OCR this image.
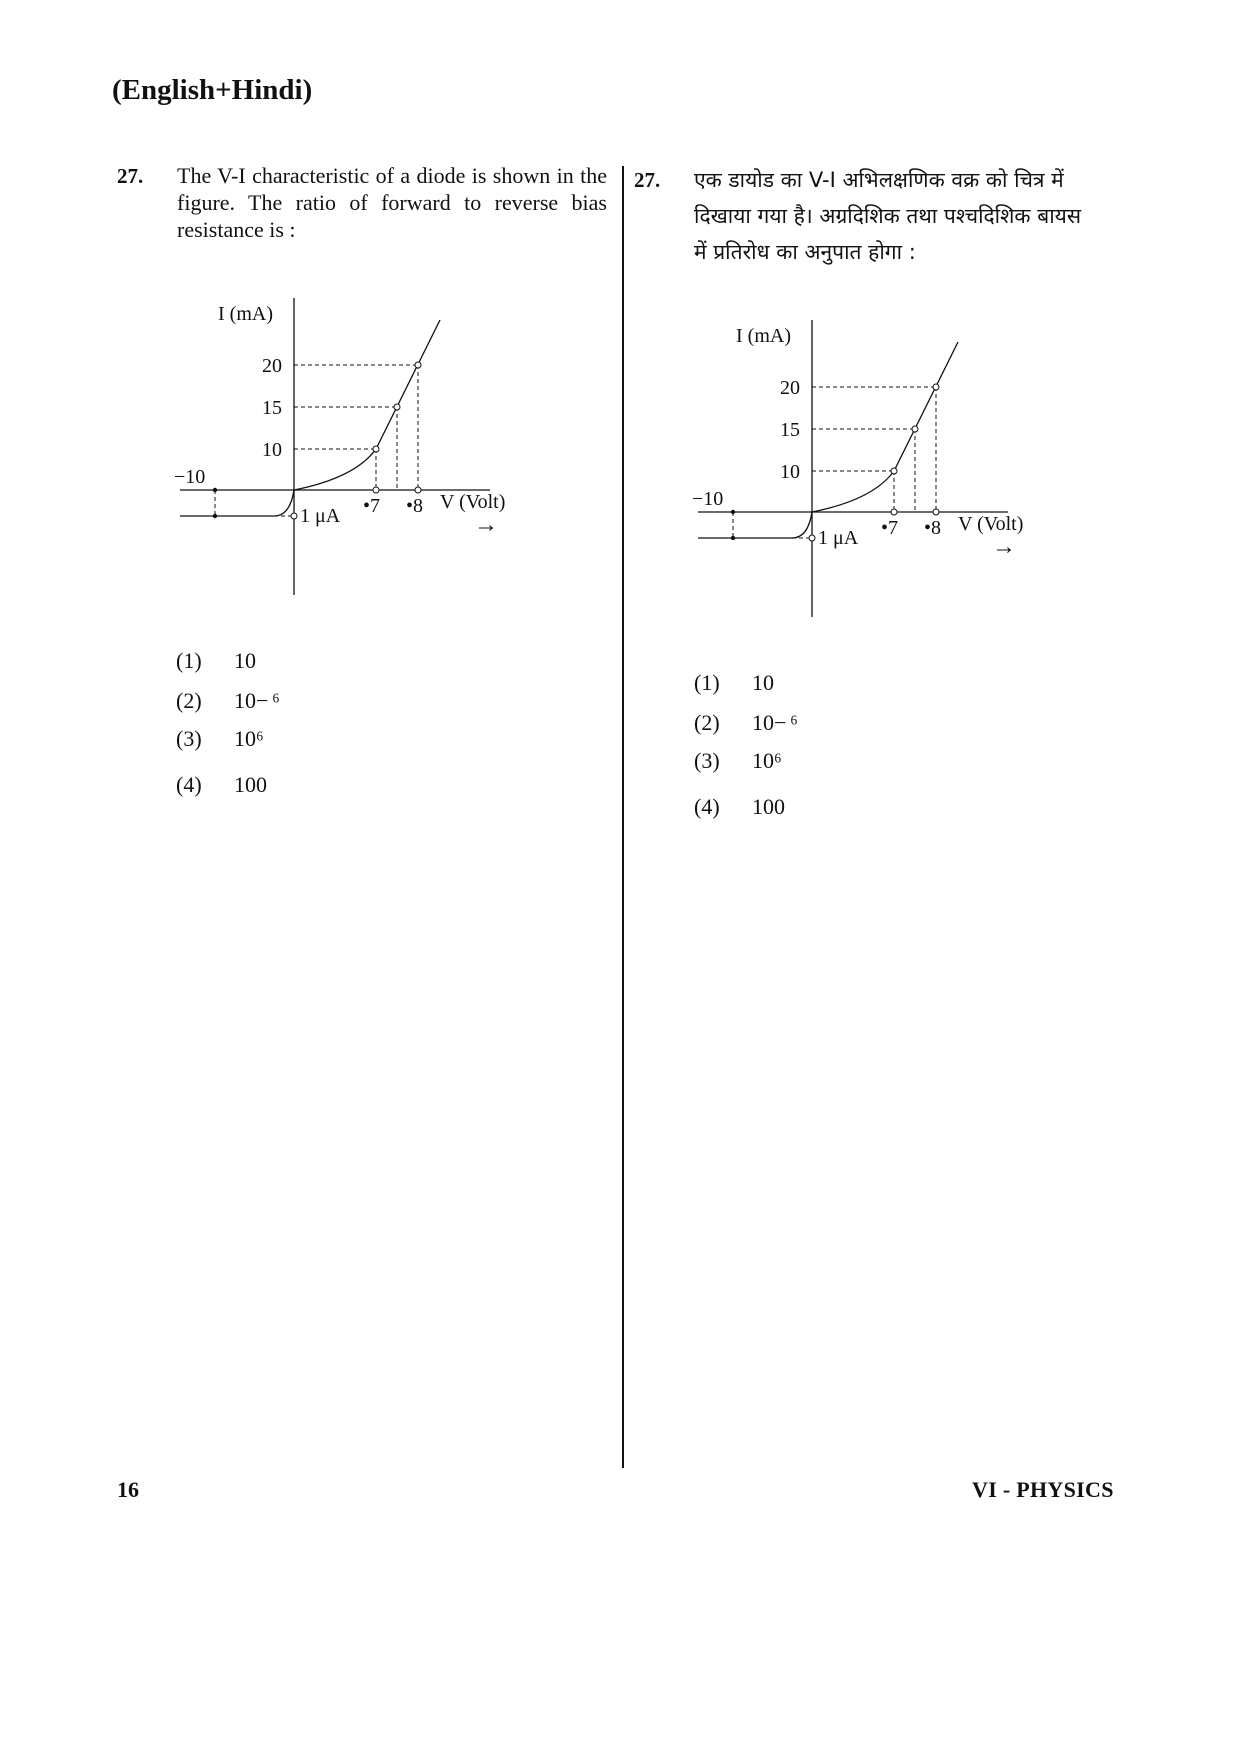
(English+Hindi)
27. The V-I characteristic of a diode is shown in the figure. The ratio of forward to reverse bias resistance is :
I (mA)
V (Volt)
→
20
15
10
−10
•7 •8
1 μA
(1)	10
(2)	10− ⁶
(3)	10⁶
(4)	100
27. एक डायोड का V-I अभिलक्षणिक वक्र को चित्र में
दिखाया गया है। अग्रदिशिक तथा पश्चदिशिक बायस
में प्रतिरोध का अनुपात होगा :
I (mA)
V (Volt)
→
20
15
10
−10
•7 •8
1 μA
(1)	10
(2)	10− ⁶
(3)	10⁶
(4)	100
16	VI - PHYSICS
